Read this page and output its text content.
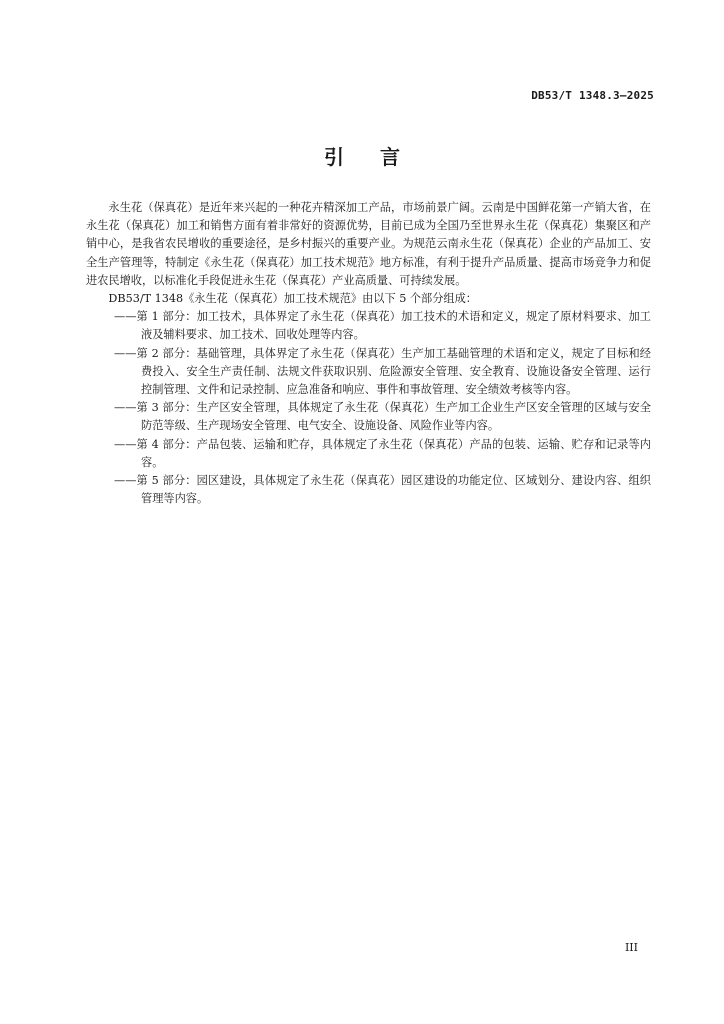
DB53/T 1348.3—2025
引 言

永生花（保真花）是近年来兴起的一种花卉精深加工产品，市场前景广阔。云南是中国鲜花第一产销大省，在永生花（保真花）加工和销售方面有着非常好的资源优势，目前已成为全国乃至世界永生花（保真花）集聚区和产销中心，是我省农民增收的重要途径，是乡村振兴的重要产业。为规范云南永生花（保真花）企业的产品加工、安全生产管理等，特制定《永生花（保真花）加工技术规范》地方标准，有利于提升产品质量、提高市场竞争力和促进农民增收，以标准化手段促进永生花（保真花）产业高质量、可持续发展。

DB53/T 1348《永生花（保真花）加工技术规范》由以下 5 个部分组成：

——第 1 部分：加工技术，具体界定了永生花（保真花）加工技术的术语和定义，规定了原材料要求、加工液及辅料要求、加工技术、回收处理等内容。

——第 2 部分：基础管理，具体界定了永生花（保真花）生产加工基础管理的术语和定义，规定了目标和经费投入、安全生产责任制、法规文件获取识别、危险源安全管理、安全教育、设施设备安全管理、运行控制管理、文件和记录控制、应急准备和响应、事件和事故管理、安全绩效考核等内容。

——第 3 部分：生产区安全管理，具体规定了永生花（保真花）生产加工企业生产区安全管理的区域与安全防范等级、生产现场安全管理、电气安全、设施设备、风险作业等内容。

——第 4 部分：产品包装、运输和贮存，具体规定了永生花（保真花）产品的包装、运输、贮存和记录等内容。

——第 5 部分：园区建设，具体规定了永生花（保真花）园区建设的功能定位、区域划分、建设内容、组织管理等内容。

III
